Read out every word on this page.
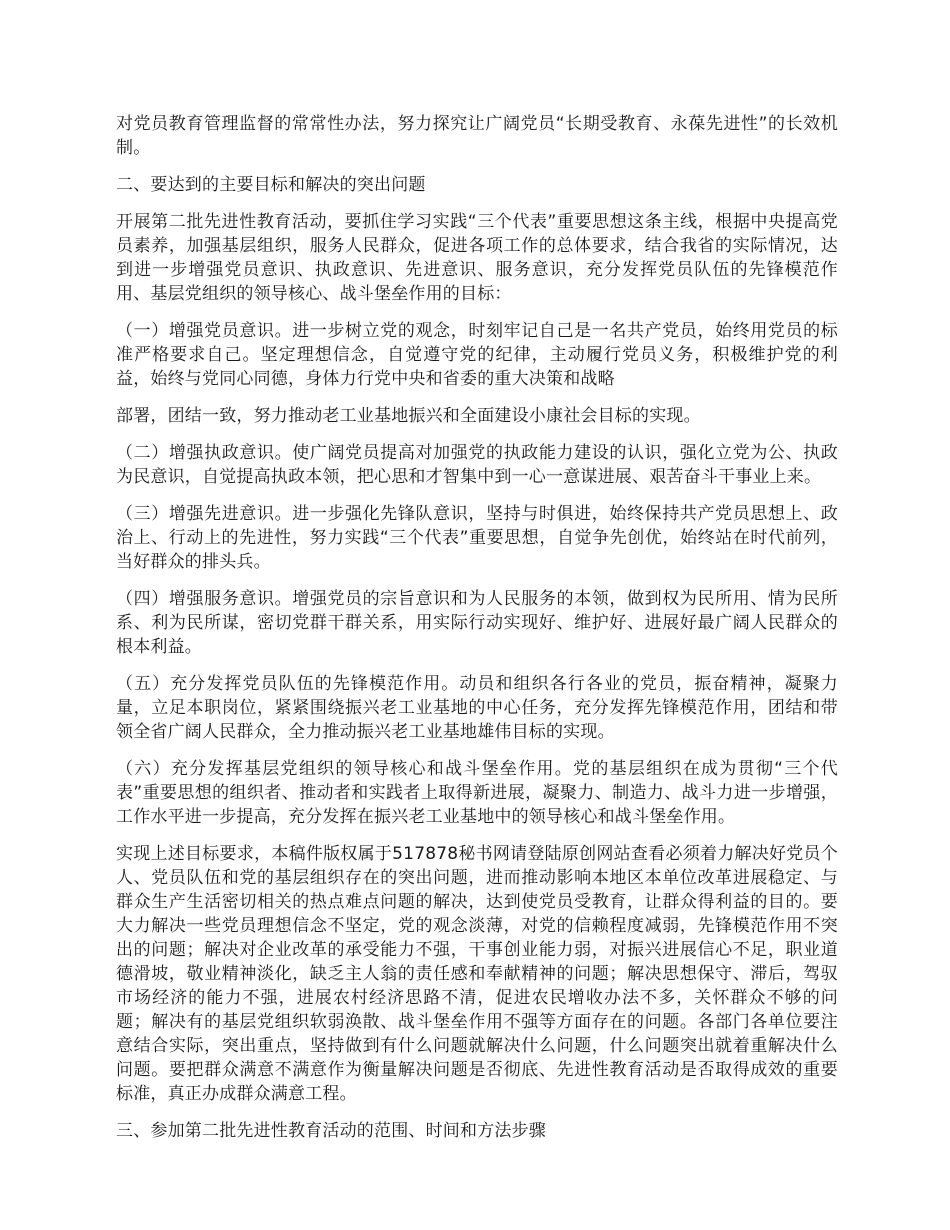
对党员教育管理监督的常常性办法，努力探究让广阔党员“长期受教育、永葆先进性”的长效机制。

二、要达到的主要目标和解决的突出问题

开展第二批先进性教育活动，要抓住学习实践“三个代表”重要思想这条主线，根据中央提高党员素养，加强基层组织，服务人民群众，促进各项工作的总体要求，结合我省的实际情况，达到进一步增强党员意识、执政意识、先进意识、服务意识，充分发挥党员队伍的先锋模范作用、基层党组织的领导核心、战斗堡垒作用的目标：

（一）增强党员意识。进一步树立党的观念，时刻牢记自己是一名共产党员，始终用党员的标准严格要求自己。坚定理想信念，自觉遵守党的纪律，主动履行党员义务，积极维护党的利益，始终与党同心同德，身体力行党中央和省委的重大决策和战略

部署，团结一致，努力推动老工业基地振兴和全面建设小康社会目标的实现。

（二）增强执政意识。使广阔党员提高对加强党的执政能力建设的认识，强化立党为公、执政为民意识，自觉提高执政本领，把心思和才智集中到一心一意谋进展、艰苦奋斗干事业上来。

（三）增强先进意识。进一步强化先锋队意识，坚持与时俱进，始终保持共产党员思想上、政治上、行动上的先进性，努力实践“三个代表”重要思想，自觉争先创优，始终站在时代前列，当好群众的排头兵。

（四）增强服务意识。增强党员的宗旨意识和为人民服务的本领，做到权为民所用、情为民所系、利为民所谋，密切党群干群关系，用实际行动实现好、维护好、进展好最广阔人民群众的根本利益。

（五）充分发挥党员队伍的先锋模范作用。动员和组织各行各业的党员，振奋精神，凝聚力量，立足本职岗位，紧紧围绕振兴老工业基地的中心任务，充分发挥先锋模范作用，团结和带领全省广阔人民群众，全力推动振兴老工业基地雄伟目标的实现。

（六）充分发挥基层党组织的领导核心和战斗堡垒作用。党的基层组织在成为贯彻“三个代表”重要思想的组织者、推动者和实践者上取得新进展，凝聚力、制造力、战斗力进一步增强，工作水平进一步提高，充分发挥在振兴老工业基地中的领导核心和战斗堡垒作用。

实现上述目标要求，本稿件版权属于517878秘书网请登陆原创网站查看必须着力解决好党员个人、党员队伍和党的基层组织存在的突出问题，进而推动影响本地区本单位改革进展稳定、与群众生产生活密切相关的热点难点问题的解决，达到使党员受教育，让群众得利益的目的。要大力解决一些党员理想信念不坚定，党的观念淡薄，对党的信赖程度减弱，先锋模范作用不突出的问题；解决对企业改革的承受能力不强，干事创业能力弱，对振兴进展信心不足，职业道德滑坡，敬业精神淡化，缺乏主人翁的责任感和奉献精神的问题；解决思想保守、滞后，驾驭市场经济的能力不强，进展农村经济思路不清，促进农民增收办法不多，关怀群众不够的问题；解决有的基层党组织软弱涣散、战斗堡垒作用不强等方面存在的问题。各部门各单位要注意结合实际，突出重点，坚持做到有什么问题就解决什么问题，什么问题突出就着重解决什么问题。要把群众满意不满意作为衡量解决问题是否彻底、先进性教育活动是否取得成效的重要标准，真正办成群众满意工程。

三、参加第二批先进性教育活动的范围、时间和方法步骤
